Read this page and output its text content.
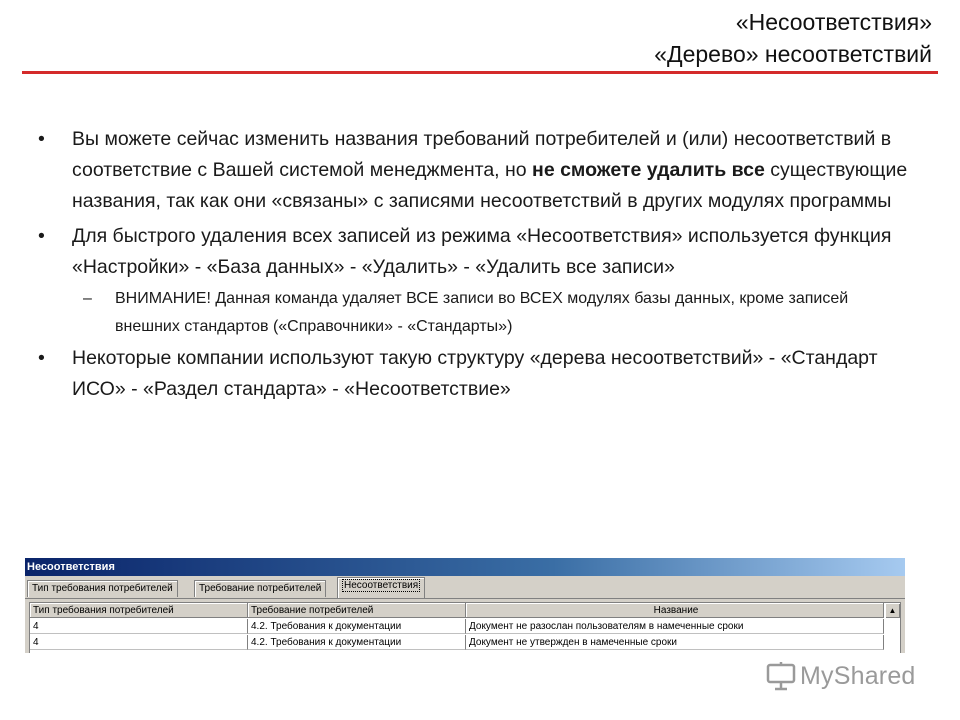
«Несоответствия»
«Дерево» несоответствий
• Вы можете сейчас изменить названия требований потребителей и (или) несоответствий в соответствие с Вашей системой менеджмента, но не сможете удалить все существующие названия, так как они «связаны» с записями несоответствий в других модулях программы
• Для быстрого удаления всех записей из режима «Несоответствия» используется функция «Настройки» - «База данных» - «Удалить» - «Удалить все записи»
– ВНИМАНИЕ! Данная команда удаляет ВСЕ записи во ВСЕХ модулях базы данных, кроме записей внешних стандартов («Справочники» - «Стандарты»)
• Некоторые компании используют такую структуру «дерева несоответствий» - «Стандарт ИСО» - «Раздел стандарта» - «Несоответствие»
Несоответствия
Тип требования потребителей	Требование потребителей	Несоответствия
Тип требования потребителей	Требование потребителей	Название	▲
4	4.2. Требования к документации	Документ не разослан пользователям в намеченные сроки
4	4.2. Требования к документации	Документ не утвержден в намеченные сроки
MyShared
